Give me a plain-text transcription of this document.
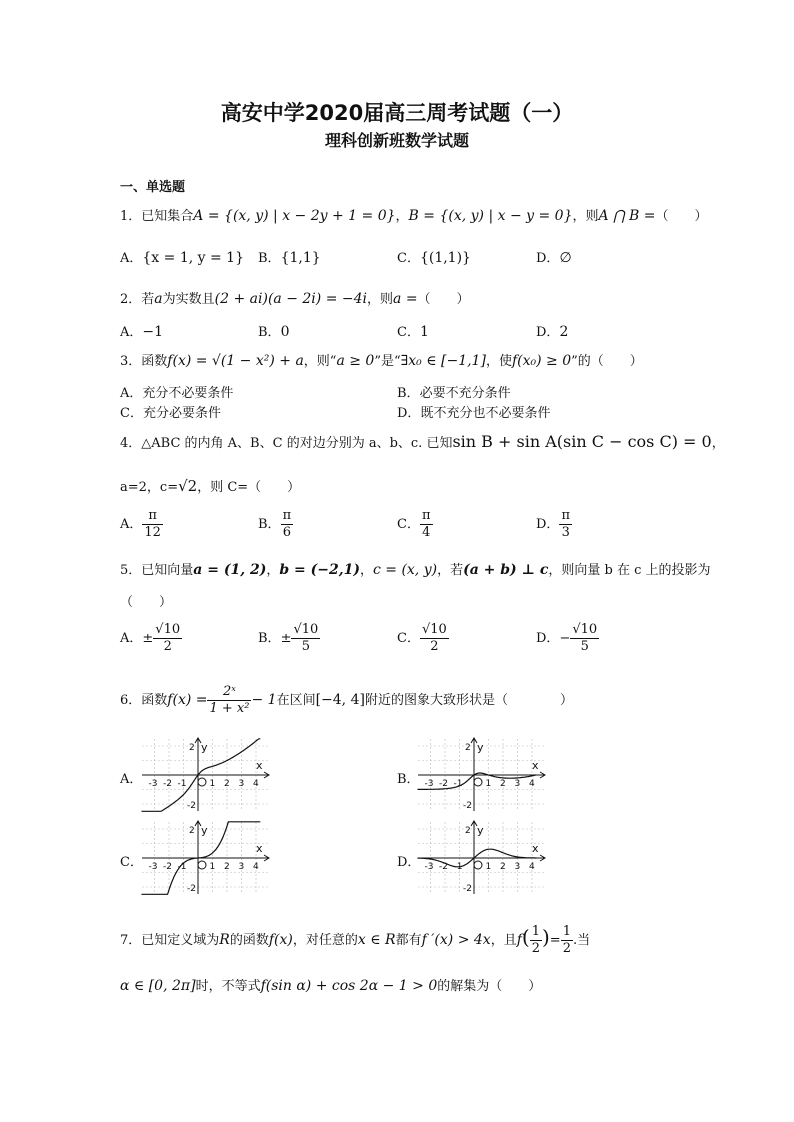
高安中学2020届高三周考试题（一）
理科创新班数学试题
一、单选题
1．已知集合A = {(x, y) | x − 2y + 1 = 0}，B = {(x, y) | x − y = 0}，则A ⋂ B =（　　）
A．{x = 1, y = 1} B．{1,1}	C．{(1,1)}	D．∅
2．若a为实数且(2 + ai)(a − 2i) = −4i，则a =（　　）
A．−1	B．0	C．1	D．2
3．函数f(x) = √(1 − x²) + a，则“a ≥ 0”是“∃x₀ ∈ [−1,1]，使f(x₀) ≥ 0”的（　　）
A．充分不必要条件	B．必要不充分条件
C．充分必要条件	D．既不充分也不必要条件
4．△ABC 的内角 A、B、C 的对边分别为 a、b、c. 已知sin B + sin A(sin C − cos C) = 0，
a=2，c=√2，则 C=（　　）
A． $\frac{\pi}{12}$	B． $\frac{\pi}{6}$	C． $\frac{\pi}{4}$	D． $\frac{\pi}{3}$
5．已知向量a = (1, 2)，b = (−2,1)，c = (x, y)，若(a + b) ⊥ c，则向量 b 在 c 上的投影为
（　　）
A．± $\frac{√10}{2}$	B．± $\frac{√10}{5}$	C． $\frac{√10}{2}$	D．− $\frac{√10}{5}$
6．函数$f(x) = \frac{\text{2ˣ}}{\text{1 + x²}} - 1$在区间[−4, 4]附近的图象大致形状是（　　　　）
A．	B．
C．	D．
x
y
2
-2
-3 -2 -1	1 2 3 4
x
y
2
-2
-3 -2 -1	1 2 3 4
x
y
2
-2
-3 -2 -1	1 2 3 4
x
y
2
-2
-3 -2 -1	1 2 3 4
7．已知定义域为R的函数f(x)，对任意的x ∈ R都有f ′(x) > 4x，且$f( \frac{1}{2}$ )= $\frac{1}{2}$ .当
α ∈ [0, 2π]时，不等式f(sin α) + cos 2α − 1 > 0的解集为（　　）
